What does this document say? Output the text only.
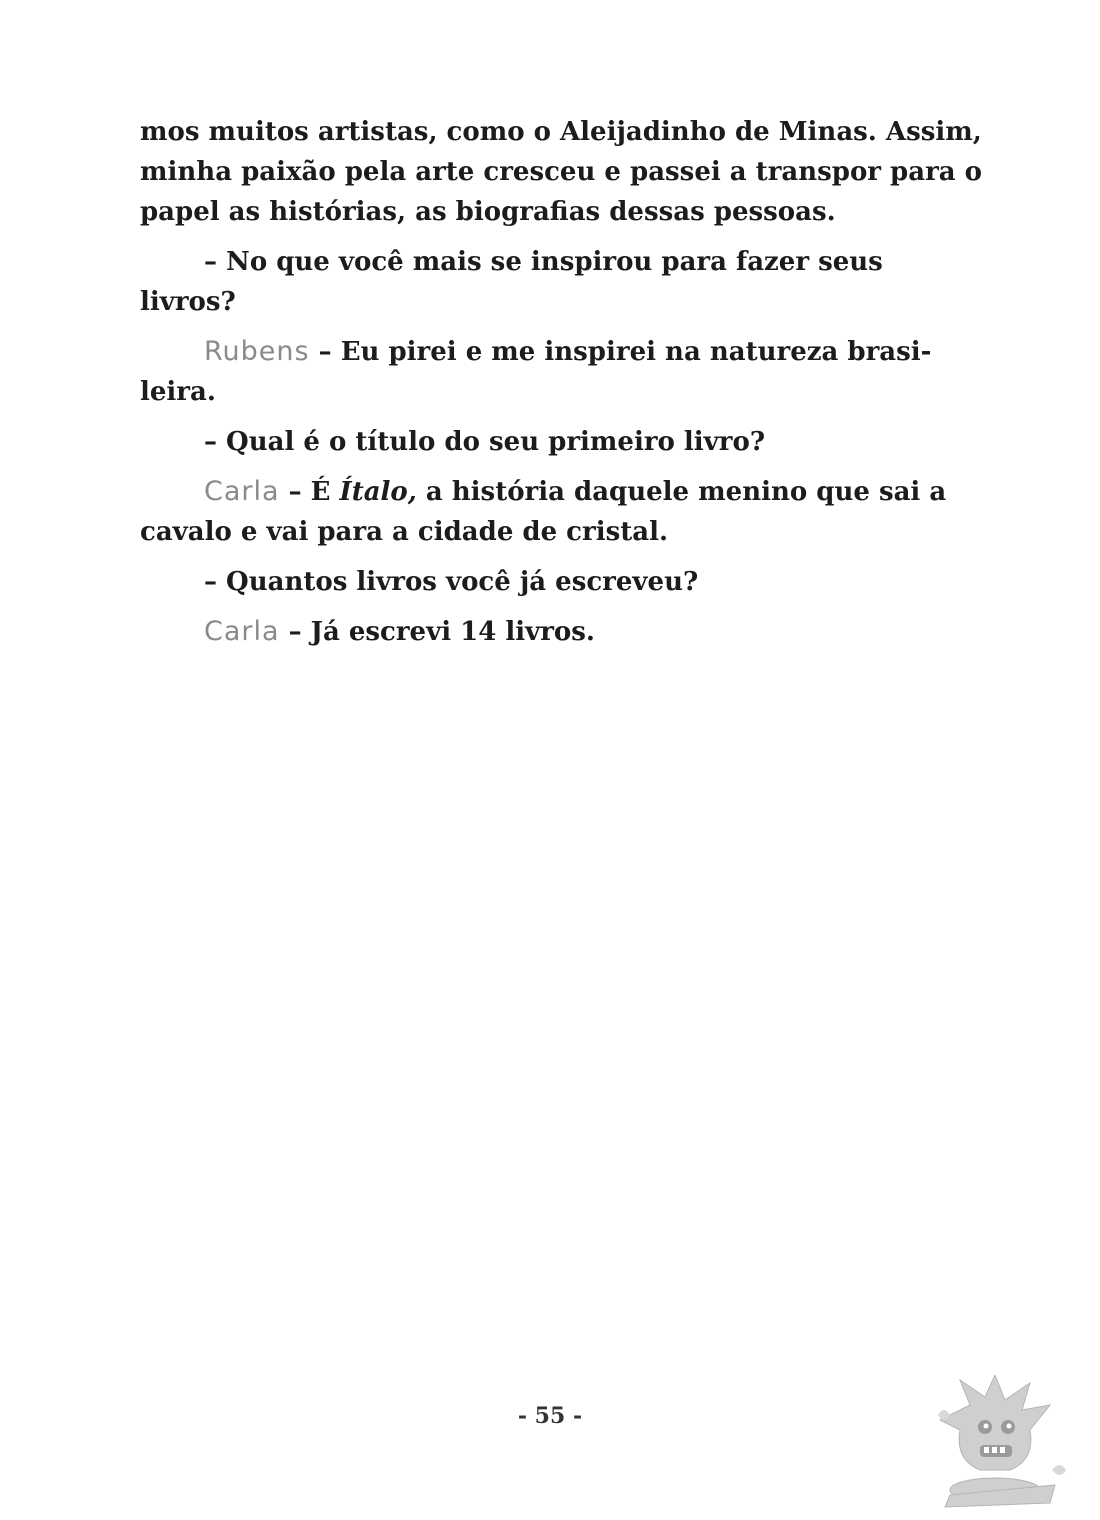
mos muitos artistas, como o Aleijadinho de Minas. Assim,
minha paixão pela arte cresceu e passei a transpor para o
papel as histórias, as biografias dessas pessoas.

– No que você mais se inspirou para fazer seus livros?

Rubens – Eu pirei e me inspirei na natureza brasi-
leira.

– Qual é o título do seu primeiro livro?

Carla – É Ítalo, a história daquele menino que sai a
cavalo e vai para a cidade de cristal.

– Quantos livros você já escreveu?

Carla – Já escrevi 14 livros.

- 55 -
